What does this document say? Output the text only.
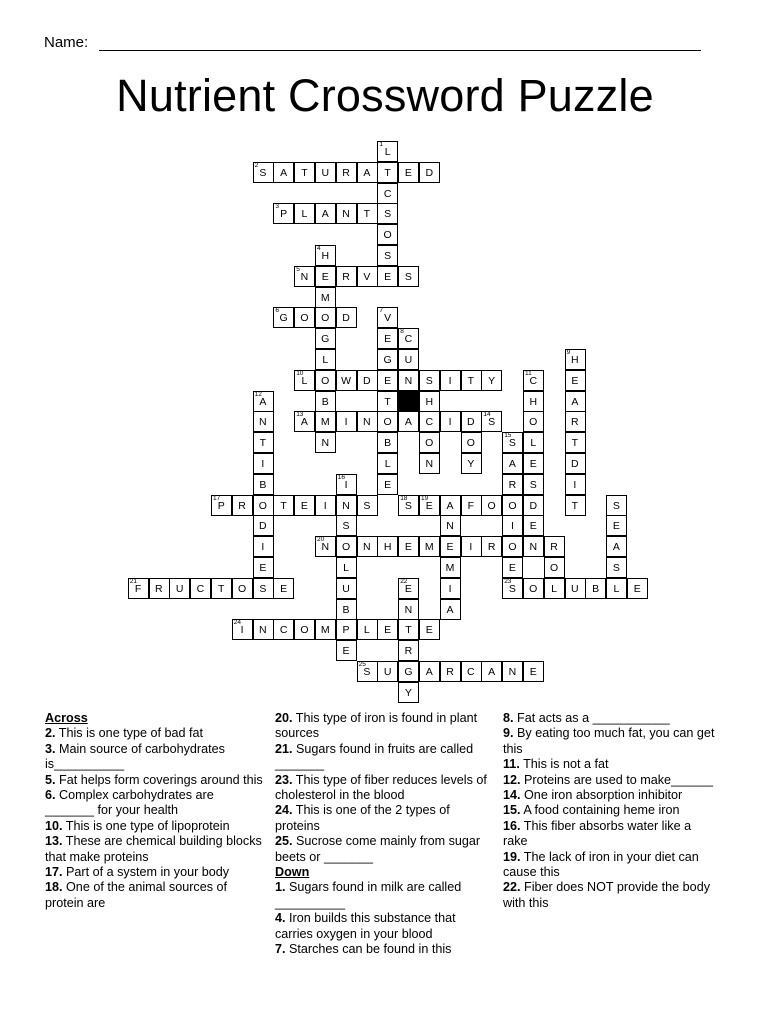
Name:
Nutrient Crossword Puzzle
1
L
2
S	A	T	U	R	A	T	E	D
C
3
P	L	A	N	T	S
O
4
H	S
5
N	E	R	V	E	S
M
6
G	O	O	D
7
V
G	E
8
C
L	G	U
9
H
10
L	O	W	D	E	N	S	I	T	Y
11
C	E
12
A	B	T	H	H	A
N
13
A	M	I	N	O	A	C	I	D
14
S	O	R
T	N	B	O	O
15
S	L	T
I	L	N	Y	A	E	D
B
16
I	E	R	S	I
17
P	R	O	T	E	I	N	S
18
S
19
E	A	F	O	O	D	T	S
D	S	N	I	E	E
I
20
N	O	N	H	E	M	E	I	R	O	N	R	A
E	L	M	E	O	S
21
F	R	U	C	T	O	S	E	U
22
E	I
23
S	O	L	U	B	L	E
B	N	A
24
I	N	C	O	M	P	L	E	T	E
E	R
25
S	U	G	A	R	C	A	N	E
Y
Across
2. This is one type of bad fat
3. Main source of carbohydrates is__________
5. Fat helps form coverings around this
6. Complex carbohydrates are _______ for your health
10. This is one type of lipoprotein
13. These are chemical building blocks that make proteins
17. Part of a system in your body
18. One of the animal sources of protein are
20. This type of iron is found in plant sources
21. Sugars found in fruits are called _______
23. This type of fiber reduces levels of cholesterol in the blood
24. This is one of the 2 types of proteins
25. Sucrose come mainly from sugar beets or _______
Down
1. Sugars found in milk are called __________
4. Iron builds this substance that carries oxygen in your blood
7. Starches can be found in this
8. Fat acts as a ___________
9. By eating too much fat, you can get this
11. This is not a fat
12. Proteins are used to make______
14. One iron absorption inhibitor
15. A food containing heme iron
16. This fiber absorbs water like a rake
19. The lack of iron in your diet can cause this
22. Fiber does NOT provide the body with this
